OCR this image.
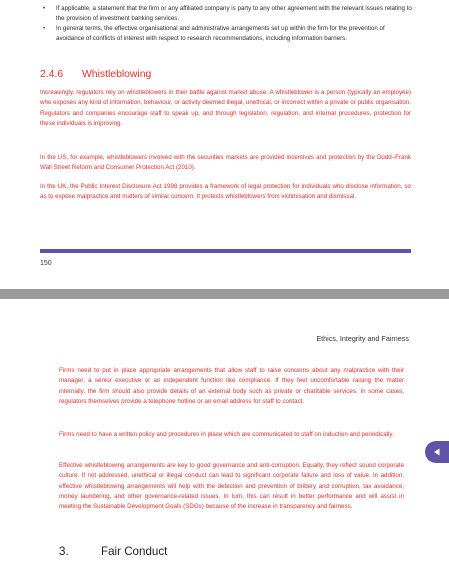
• If applicable, a statement that the firm or any affiliated company is party to any other agreement with the relevant issues relating to the provision of investment banking services.
• In general terms, the effective organisational and administrative arrangements set up within the firm for the prevention of avoidance of conflicts of interest with respect to research recommendations, including information barriers.
2.4.6 Whistleblowing

Increasingly, regulators rely on whistleblowers in their battle against market abuse. A whistleblower is a person (typically an employee) who exposes any kind of information, behaviour, or activity deemed illegal, unethical, or incorrect within a private or public organisation. Regulators and companies encourage staff to speak up, and through legislation, regulation, and internal procedures, protection for these individuals is improving.

In the US, for example, whistleblowers involved with the securities markets are provided incentives and protection by the Dodd–Frank Wall Street Reform and Consumer Protection Act (2010).

In the UK, the Public Interest Disclosure Act 1998 provides a framework of legal protection for individuals who disclose information, so as to expose malpractice and matters of similar concern. It protects whistleblowers from victimisation and dismissal.

150
Ethics, Integrity and Fairness

Firms need to put in place appropriate arrangements that allow staff to raise concerns about any malpractice with their manager, a senior executive or an independent function like compliance. If they feel uncomfortable raising the matter internally, the firm should also provide details of an external body such as private or charitable services. In some cases, regulators themselves provide a telephone hotline or an email address for staff to contact.

Firms need to have a written policy and procedures in place which are communicated to staff on induction and periodically.

Effective whistleblowing arrangements are key to good governance and anti-corruption. Equally, they reflect sound corporate culture. If not addressed, unethical or illegal conduct can lead to significant corporate failure and loss of value. In addition, effective whistleblowing arrangements will help with the detection and prevention of bribery and corruption, tax avoidance, money laundering, and other governance-related issues. In turn, this can result in better performance and will assist in meeting the Sustainable Development Goals (SDGs) because of the increase in transparency and fairness.

3.	Fair Conduct
